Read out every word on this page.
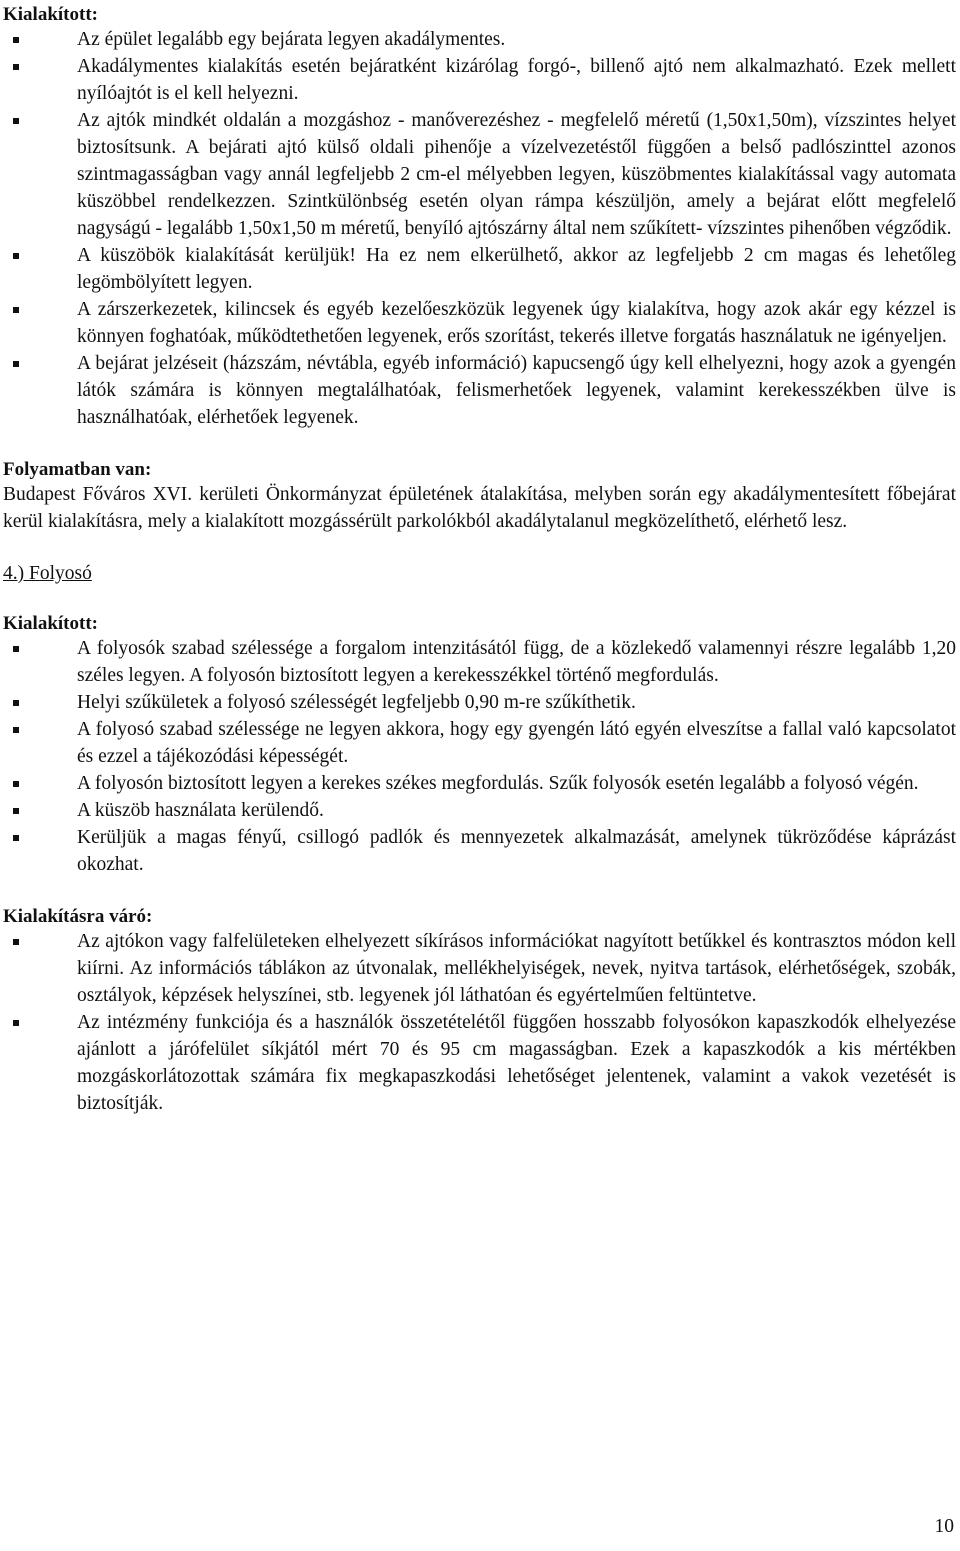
Kialakított:
Az épület legalább egy bejárata legyen akadálymentes.
Akadálymentes kialakítás esetén bejáratként kizárólag forgó-, billenő ajtó nem alkalmazható. Ezek mellett nyílóajtót is el kell helyezni.
Az ajtók mindkét oldalán a mozgáshoz - manőverezéshez - megfelelő méretű (1,50x1,50m), vízszintes helyet biztosítsunk. A bejárati ajtó külső oldali pihenője a vízelvezetéstől függően a belső padlószinttel azonos szintmagasságban vagy annál legfeljebb 2 cm-el mélyebben legyen, küszöbmentes kialakítással vagy automata küszöbbel rendelkezzen. Szintkülönbség esetén olyan rámpa készüljön, amely a bejárat előtt megfelelő nagyságú - legalább 1,50x1,50 m méretű, benyíló ajtószárny által nem szűkített- vízszintes pihenőben végződik.
A küszöbök kialakítását kerüljük! Ha ez nem elkerülhető, akkor az legfeljebb 2 cm magas és lehetőleg legömbölyített legyen.
A zárszerkezetek, kilincsek és egyéb kezelőeszközük legyenek úgy kialakítva, hogy azok akár egy kézzel is könnyen foghatóak, működtethetően legyenek, erős szorítást, tekerés illetve forgatás használatuk ne igényeljen.
A bejárat jelzéseit (házszám, névtábla, egyéb információ) kapucsengő úgy kell elhelyezni, hogy azok a gyengén látók számára is könnyen megtalálhatóak, felismerhetőek legyenek, valamint kerekesszékben ülve is használhatóak, elérhetőek legyenek.
Folyamatban van:

Budapest Főváros XVI. kerületi Önkormányzat épületének átalakítása, melyben során egy akadálymentesített főbejárat kerül kialakításra, mely a kialakított mozgássérült parkolókból akadálytalanul megközelíthető, elérhető lesz.

4.) Folyosó
Kialakított:
A folyosók szabad szélessége a forgalom intenzitásától függ, de a közlekedő valamennyi részre legalább 1,20 széles legyen. A folyosón biztosított legyen a kerekesszékkel történő megfordulás.
Helyi szűkületek a folyosó szélességét legfeljebb 0,90 m-re szűkíthetik.
A folyosó szabad szélessége ne legyen akkora, hogy egy gyengén látó egyén elveszítse a fallal való kapcsolatot és ezzel a tájékozódási képességét.
A folyosón biztosított legyen a kerekes székes megfordulás. Szűk folyosók esetén legalább a folyosó végén.
A küszöb használata kerülendő.
Kerüljük a magas fényű, csillogó padlók és mennyezetek alkalmazását, amelynek tükröződése káprázást okozhat.
Kialakításra váró:
Az ajtókon vagy falfelületeken elhelyezett síkírásos információkat nagyított betűkkel és kontrasztos módon kell kiírni. Az információs táblákon az útvonalak, mellékhelyiségek, nevek, nyitva tartások, elérhetőségek, szobák, osztályok, képzések helyszínei, stb. legyenek jól láthatóan és egyértelműen feltüntetve.
Az intézmény funkciója és a használók összetételétől függően hosszabb folyosókon kapaszkodók elhelyezése ajánlott a járófelület síkjától mért 70 és 95 cm magasságban. Ezek a kapaszkodók a kis mértékben mozgáskorlátozottak számára fix megkapaszkodási lehetőséget jelentenek, valamint a vakok vezetését is biztosítják.
10
